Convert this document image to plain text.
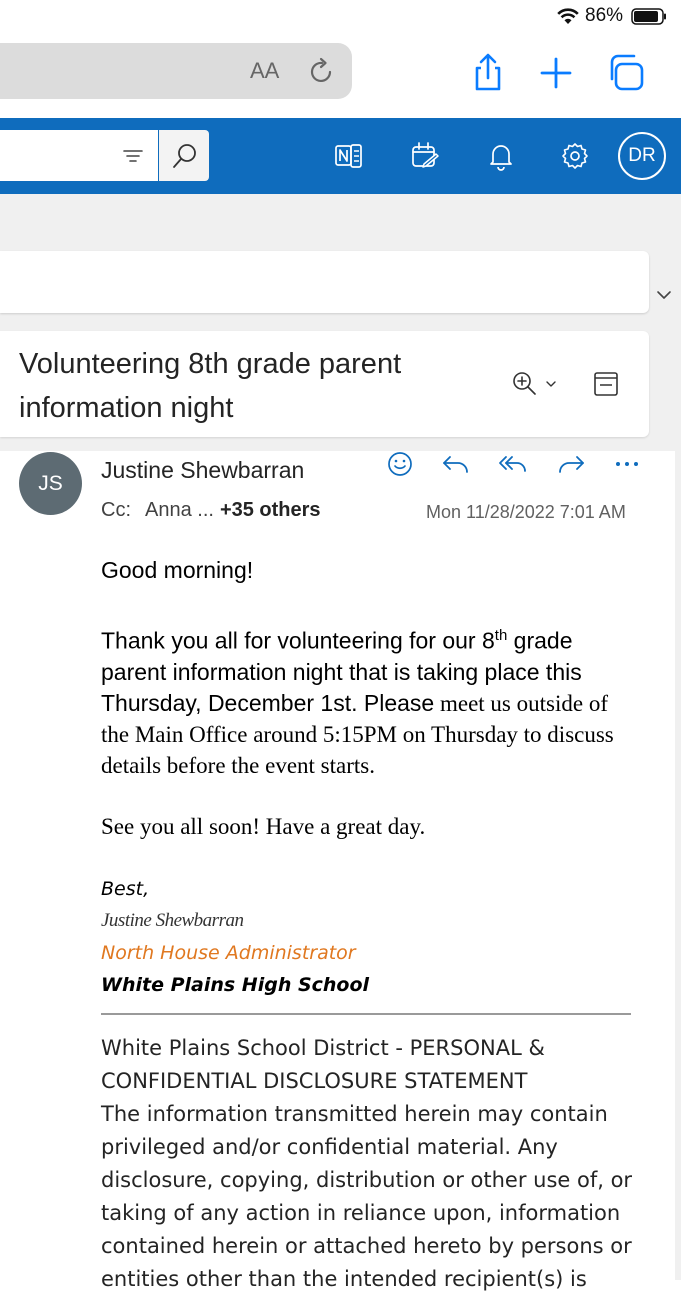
86%
AA
DR
Volunteering 8th grade parent information night
JS	Justine Shewbarran
Cc: Anna ... +35 others	Mon 11/28/2022 7:01 AM
Good morning!
Thank you all for volunteering for our 8th grade parent information night that is taking place this Thursday, December 1st. Please meet us outside of the Main Office around 5:15PM on Thursday to discuss details before the event starts.
See you all soon! Have a great day.
Best,
Justine Shewbarran
North House Administrator
White Plains High School
White Plains School District - PERSONAL & CONFIDENTIAL DISCLOSURE STATEMENT
The information transmitted herein may contain privileged and/or confidential material. Any disclosure, copying, distribution or other use of, or taking of any action in reliance upon, information contained herein or attached hereto by persons or entities other than the intended recipient(s) is
